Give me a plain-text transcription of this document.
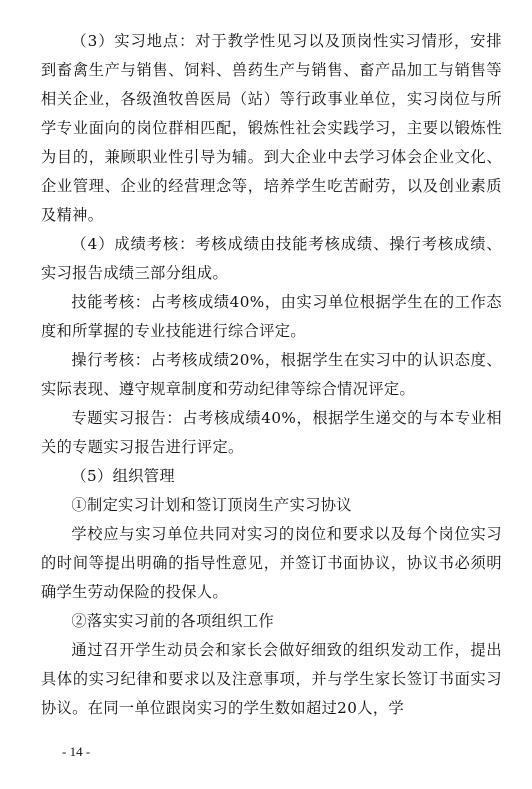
（3）实习地点：对于教学性见习以及顶岗性实习情形，安排到畜禽生产与销售、饲料、兽药生产与销售、畜产品加工与销售等相关企业，各级渔牧兽医局（站）等行政事业单位，实习岗位与所学专业面向的岗位群相匹配，锻炼性社会实践学习，主要以锻炼性为目的，兼顾职业性引导为辅。到大企业中去学习体会企业文化、企业管理、企业的经营理念等，培养学生吃苦耐劳，以及创业素质及精神。

（4）成绩考核：考核成绩由技能考核成绩、操行考核成绩、实习报告成绩三部分组成。

技能考核：占考核成绩40%，由实习单位根据学生在的工作态度和所掌握的专业技能进行综合评定。

操行考核：占考核成绩20%，根据学生在实习中的认识态度、实际表现、遵守规章制度和劳动纪律等综合情况评定。

专题实习报告：占考核成绩40%，根据学生递交的与本专业相关的专题实习报告进行评定。

（5）组织管理

①制定实习计划和签订顶岗生产实习协议

学校应与实习单位共同对实习的岗位和要求以及每个岗位实习的时间等提出明确的指导性意见，并签订书面协议，协议书必须明确学生劳动保险的投保人。

②落实实习前的各项组织工作

通过召开学生动员会和家长会做好细致的组织发动工作，提出具体的实习纪律和要求以及注意事项，并与学生家长签订书面实习协议。在同一单位跟岗实习的学生数如超过20人，学

- 14 -
